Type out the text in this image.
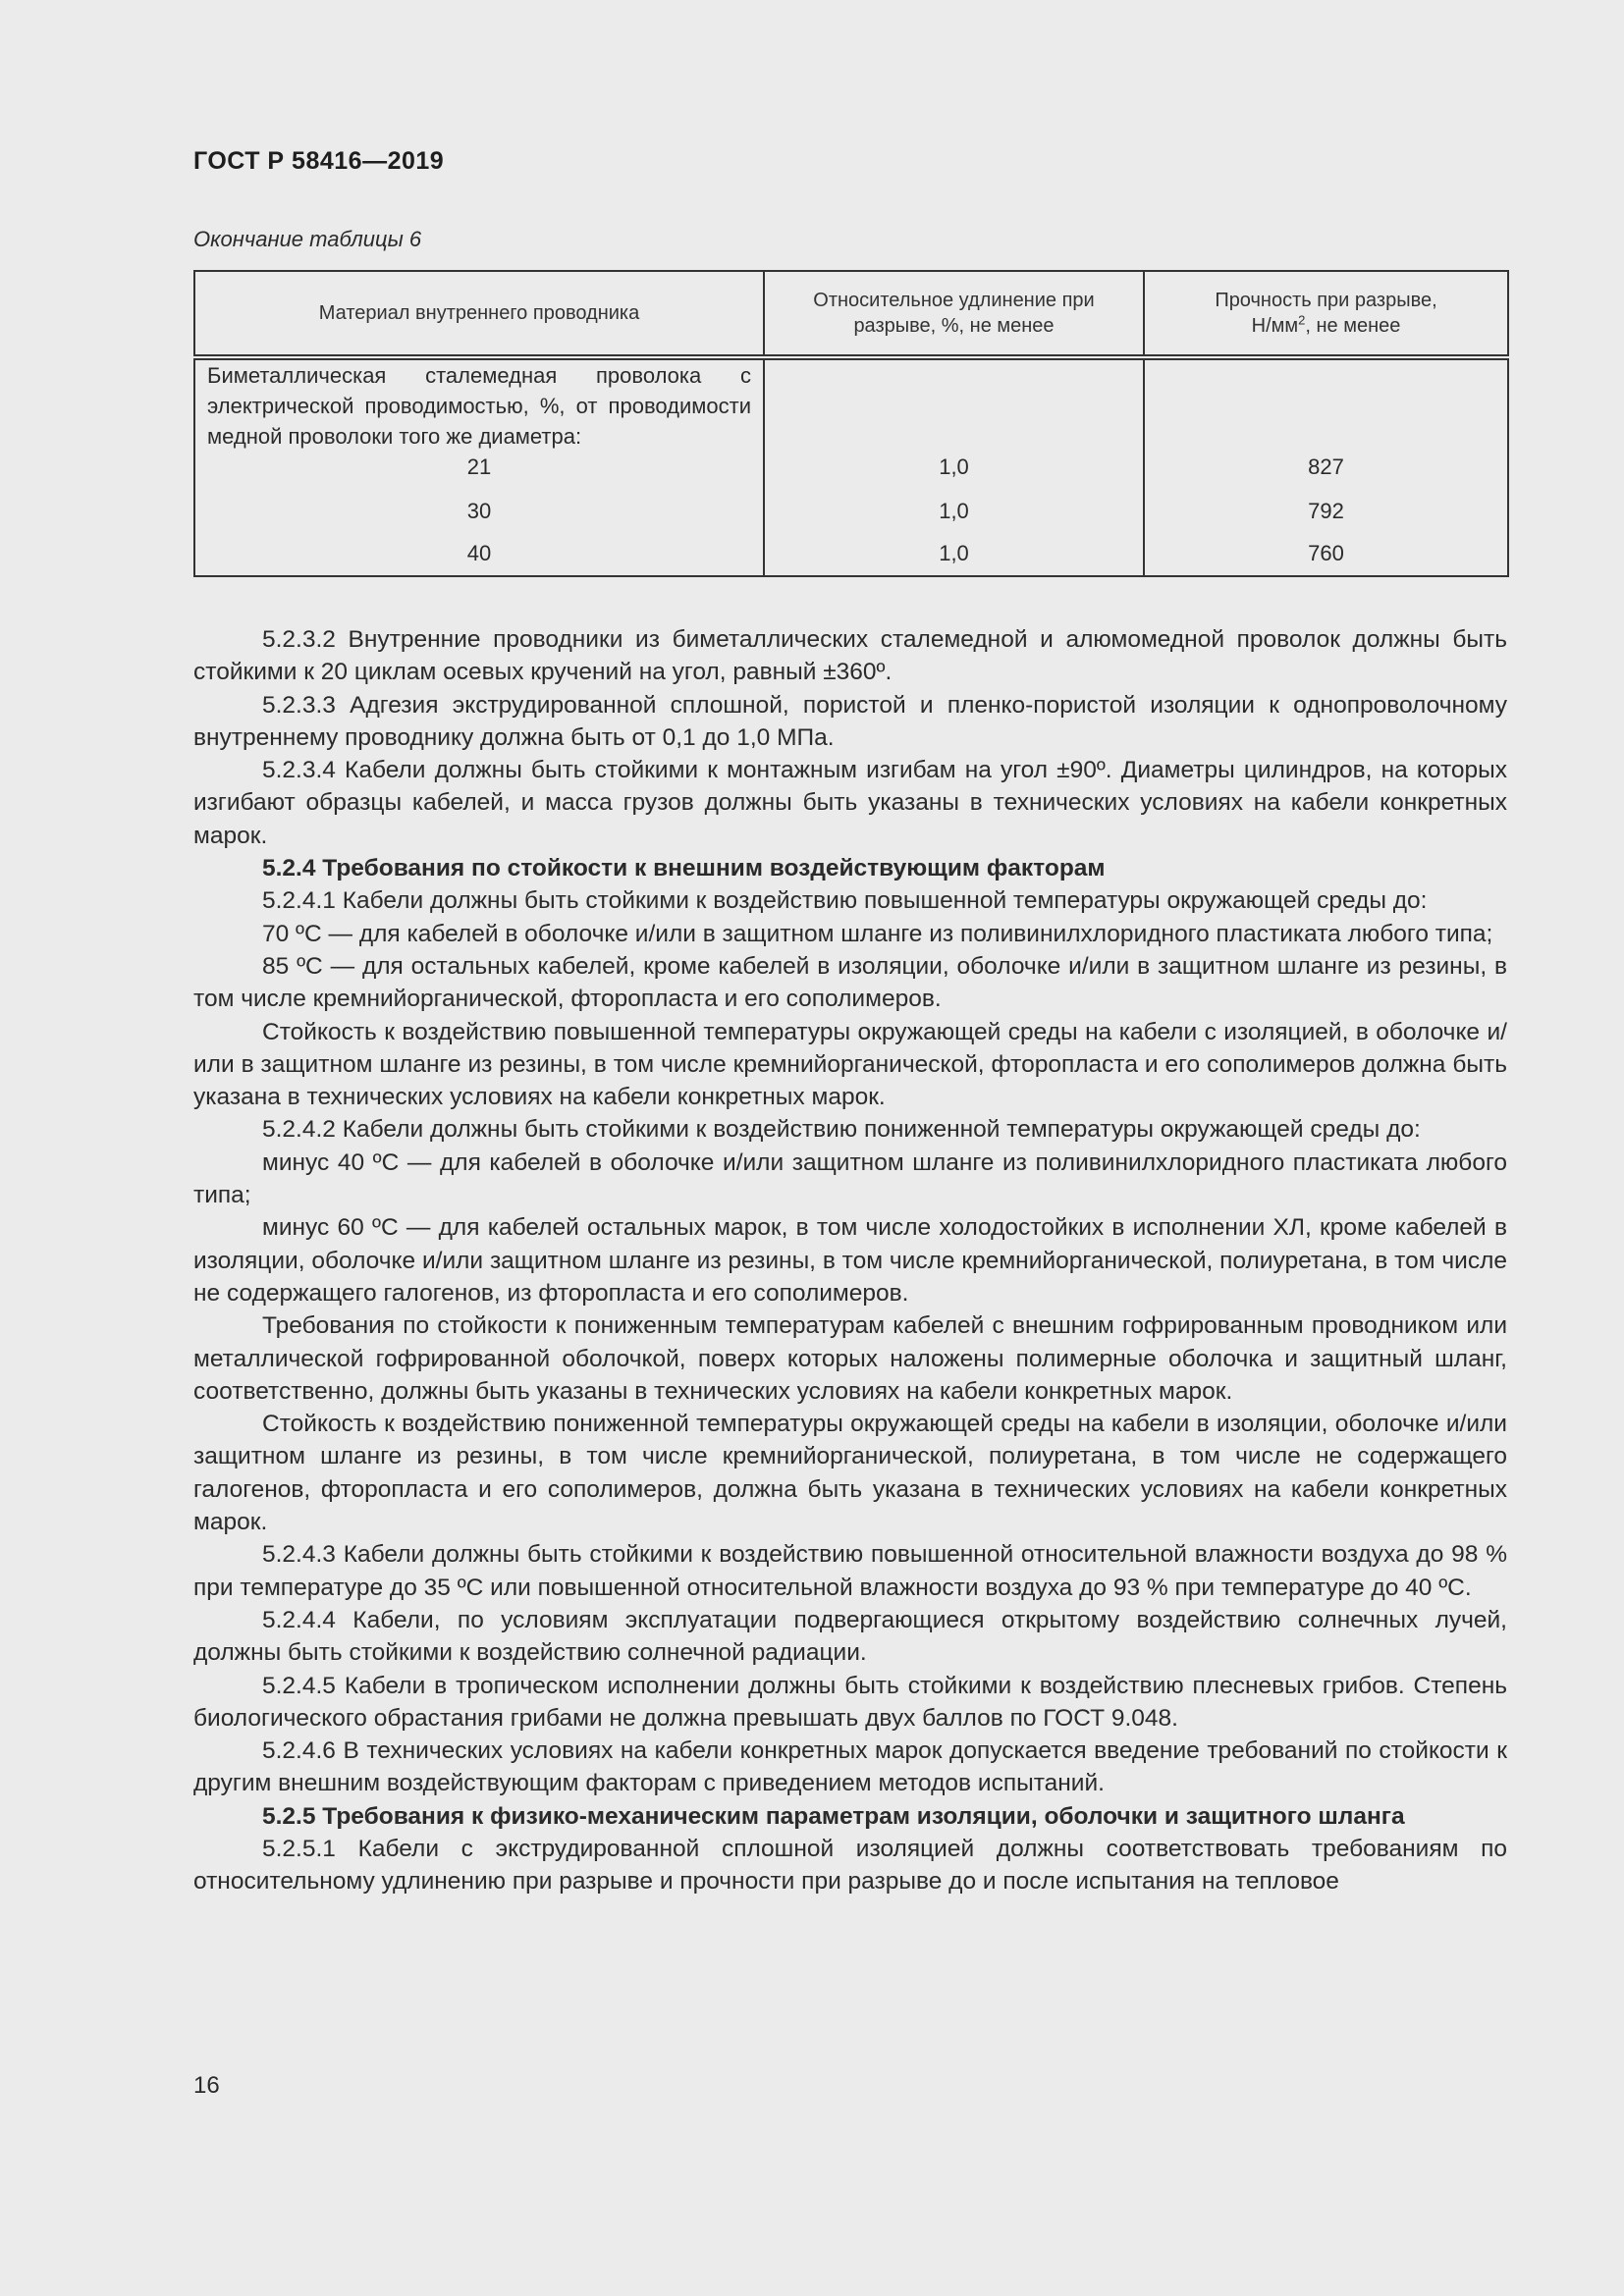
ГОСТ Р 58416—2019
Окончание таблицы 6
Материал внутреннего проводника	Относительное удлинение при разрыве, %, не менее	Прочность при разрыве,
$Н/мм^2$, не менее
Биметаллическая сталемедная проволока с электрической проводимостью, %, от проводимости медной проволоки того же диаметра:		
21	1,0	827
30	1,0	792
40	1,0	760

5.2.3.2 Внутренние проводники из биметаллических сталемедной и алюмомедной проволок должны быть стойкими к 20 циклам осевых кручений на угол, равный ±360º.

5.2.3.3 Адгезия экструдированной сплошной, пористой и пленко-пористой изоляции к однопроволочному внутреннему проводнику должна быть от 0,1 до 1,0 МПа.

5.2.3.4 Кабели должны быть стойкими к монтажным изгибам на угол ±90º. Диаметры цилиндров, на которых изгибают образцы кабелей, и масса грузов должны быть указаны в технических условиях на кабели конкретных марок.

5.2.4 Требования по стойкости к внешним воздействующим факторам

5.2.4.1 Кабели должны быть стойкими к воздействию повышенной температуры окружающей среды до:

70 ºC — для кабелей в оболочке и/или в защитном шланге из поливинилхлоридного пластиката любого типа;

85 ºC — для остальных кабелей, кроме кабелей в изоляции, оболочке и/или в защитном шланге из резины, в том числе кремнийорганической, фторопласта и его сополимеров.

Стойкость к воздействию повышенной температуры окружающей среды на кабели с изоляцией, в оболочке и/или в защитном шланге из резины, в том числе кремнийорганической, фторопласта и его сополимеров должна быть указана в технических условиях на кабели конкретных марок.

5.2.4.2 Кабели должны быть стойкими к воздействию пониженной температуры окружающей среды до:

минус 40 ºC — для кабелей в оболочке и/или защитном шланге из поливинилхлоридного пластиката любого типа;

минус 60 ºC — для кабелей остальных марок, в том числе холодостойких в исполнении ХЛ, кроме кабелей в изоляции, оболочке и/или защитном шланге из резины, в том числе кремнийорганической, полиуретана, в том числе не содержащего галогенов, из фторопласта и его сополимеров.

Требования по стойкости к пониженным температурам кабелей с внешним гофрированным проводником или металлической гофрированной оболочкой, поверх которых наложены полимерные оболочка и защитный шланг, соответственно, должны быть указаны в технических условиях на кабели конкретных марок.

Стойкость к воздействию пониженной температуры окружающей среды на кабели в изоляции, оболочке и/или защитном шланге из резины, в том числе кремнийорганической, полиуретана, в том числе не содержащего галогенов, фторопласта и его сополимеров, должна быть указана в технических условиях на кабели конкретных марок.

5.2.4.3 Кабели должны быть стойкими к воздействию повышенной относительной влажности воздуха до 98 % при температуре до 35 ºC или повышенной относительной влажности воздуха до 93 % при температуре до 40 ºC.

5.2.4.4 Кабели, по условиям эксплуатации подвергающиеся открытому воздействию солнечных лучей, должны быть стойкими к воздействию солнечной радиации.

5.2.4.5 Кабели в тропическом исполнении должны быть стойкими к воздействию плесневых грибов. Степень биологического обрастания грибами не должна превышать двух баллов по ГОСТ 9.048.

5.2.4.6 В технических условиях на кабели конкретных марок допускается введение требований по стойкости к другим внешним воздействующим факторам с приведением методов испытаний.

5.2.5 Требования к физико-механическим параметрам изоляции, оболочки и защитного шланга

5.2.5.1 Кабели с экструдированной сплошной изоляцией должны соответствовать требованиям по относительному удлинению при разрыве и прочности при разрыве до и после испытания на тепловое

16
